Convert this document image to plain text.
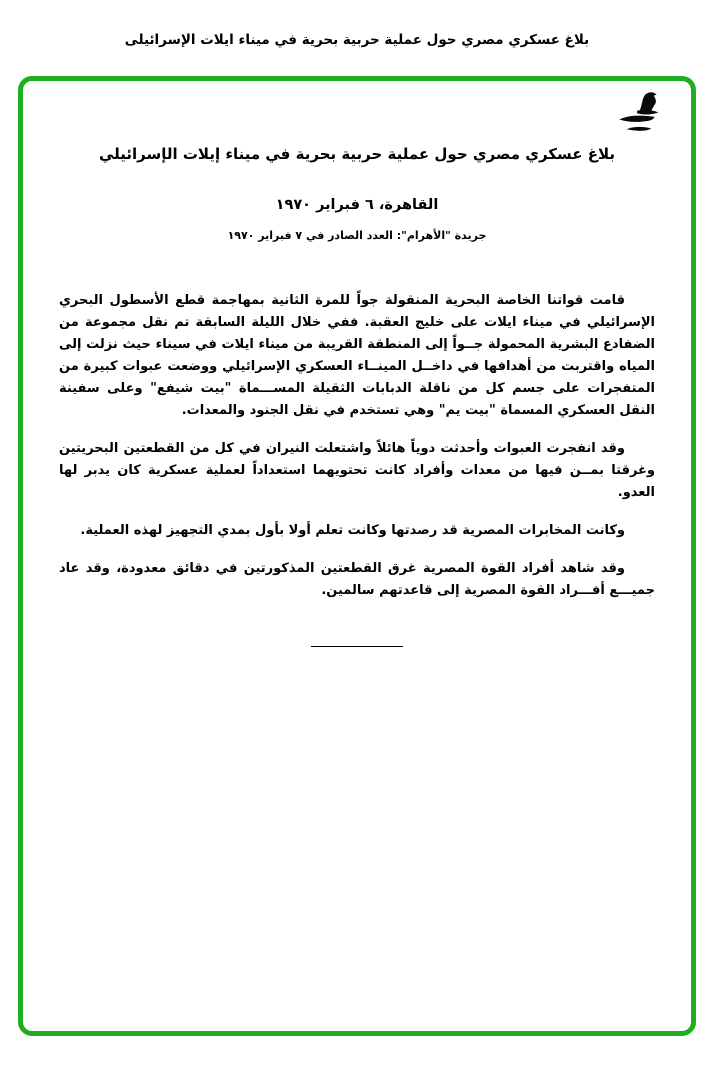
بلاغ عسكري مصري حول عملية حربية بحرية في ميناء ايلات الإسرائيلى
بلاغ عسكري مصري حول عملية حربية بحرية في ميناء إيلات الإسرائيلي
القاهرة، ٦ فبراير ١٩٧٠
جريدة "الأهرام": العدد الصادر في ٧ فبراير ١٩٧٠

قامت قواتنا الخاصة البحرية المنقولة جواً للمرة الثانية بمهاجمة قطع الأسطول البحري الإسرائيلي في ميناء ايلات على خليج العقبة. ففي خلال الليلة السابقة تم نقل مجموعة من الضفادع البشرية المحمولة جــواً إلى المنطقة القريبة من ميناء ايلات في سيناء حيث نزلت إلى المياه واقتربت من أهدافها في داخــل المينــاء العسكري الإسرائيلي ووضعت عبوات كبيرة من المتفجرات على جسم كل من ناقلة الدبابات الثقيلة المســـماة "بيت شيفع" وعلى سفينة النقل العسكري المسماة "بيت يم" وهي تستخدم في نقل الجنود والمعدات.

وقد انفجرت العبوات وأحدثت دوياً هائلاً واشتعلت النيران في كل من القطعتين البحريتين وغرقتا بمــن فيها من معدات وأفراد كانت تحتويهما استعداداً لعملية عسكرية كان يدبر لها العدو.

وكانت المخابرات المصرية قد رصدتها وكانت تعلم أولا بأول بمدي التجهيز لهذه العملية.

وقد شاهد أفراد القوة المصرية غرق القطعتين المذكورتين في دقائق معدودة، وقد عاد جميـــع أفـــراد القوة المصرية إلى قاعدتهم سالمين.
